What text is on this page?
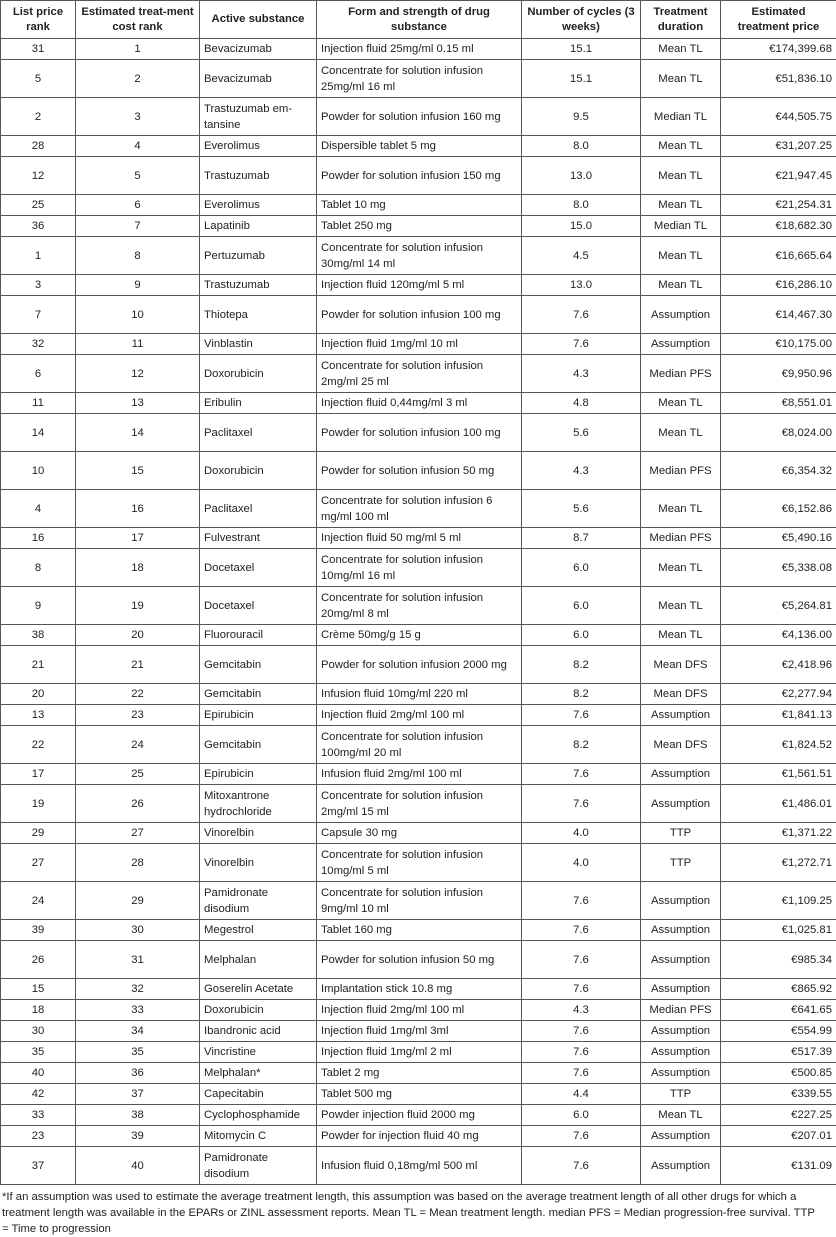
List price rank	Estimated treat-ment cost rank	Active substance	Form and strength of drug substance	Number of cycles (3 weeks)	Treatment duration	Estimated treatment price
31	1	Bevacizumab	Injection fluid 25mg/ml 0.15 ml	15.1	Mean TL	€174,399.68
5	2	Bevacizumab	Concentrate for solution infusion 25mg/ml 16 ml	15.1	Mean TL	€51,836.10
2	3	Trastuzumab em-tansine	Powder for solution infusion 160 mg	9.5	Median TL	€44,505.75
28	4	Everolimus	Dispersible tablet 5 mg	8.0	Mean TL	€31,207.25
12	5	Trastuzumab	Powder for solution infusion 150 mg	13.0	Mean TL	€21,947.45
25	6	Everolimus	Tablet 10 mg	8.0	Mean TL	€21,254.31
36	7	Lapatinib	Tablet 250 mg	15.0	Median TL	€18,682.30
1	8	Pertuzumab	Concentrate for solution infusion 30mg/ml 14 ml	4.5	Mean TL	€16,665.64
3	9	Trastuzumab	Injection fluid 120mg/ml 5 ml	13.0	Mean TL	€16,286.10
7	10	Thiotepa	Powder for solution infusion 100 mg	7.6	Assumption	€14,467.30
32	11	Vinblastin	Injection fluid 1mg/ml 10 ml	7.6	Assumption	€10,175.00
6	12	Doxorubicin	Concentrate for solution infusion 2mg/ml 25 ml	4.3	Median PFS	€9,950.96
11	13	Eribulin	Injection fluid 0,44mg/ml 3 ml	4.8	Mean TL	€8,551.01
14	14	Paclitaxel	Powder for solution infusion 100 mg	5.6	Mean TL	€8,024.00
10	15	Doxorubicin	Powder for solution infusion 50 mg	4.3	Median PFS	€6,354.32
4	16	Paclitaxel	Concentrate for solution infusion 6 mg/ml 100 ml	5.6	Mean TL	€6,152.86
16	17	Fulvestrant	Injection fluid 50 mg/ml 5 ml	8.7	Median PFS	€5,490.16
8	18	Docetaxel	Concentrate for solution infusion 10mg/ml 16 ml	6.0	Mean TL	€5,338.08
9	19	Docetaxel	Concentrate for solution infusion 20mg/ml 8 ml	6.0	Mean TL	€5,264.81
38	20	Fluorouracil	Crème 50mg/g 15 g	6.0	Mean TL	€4,136.00
21	21	Gemcitabin	Powder for solution infusion 2000 mg	8.2	Mean DFS	€2,418.96
20	22	Gemcitabin	Infusion fluid 10mg/ml 220 ml	8.2	Mean DFS	€2,277.94
13	23	Epirubicin	Injection fluid 2mg/ml 100 ml	7.6	Assumption	€1,841.13
22	24	Gemcitabin	Concentrate for solution infusion 100mg/ml 20 ml	8.2	Mean DFS	€1,824.52
17	25	Epirubicin	Infusion fluid 2mg/ml 100 ml	7.6	Assumption	€1,561.51
19	26	Mitoxantrone hydrochloride	Concentrate for solution infusion 2mg/ml 15 ml	7.6	Assumption	€1,486.01
29	27	Vinorelbin	Capsule 30 mg	4.0	TTP	€1,371.22
27	28	Vinorelbin	Concentrate for solution infusion 10mg/ml 5 ml	4.0	TTP	€1,272.71
24	29	Pamidronate disodium	Concentrate for solution infusion 9mg/ml 10 ml	7.6	Assumption	€1,109.25
39	30	Megestrol	Tablet 160 mg	7.6	Assumption	€1,025.81
26	31	Melphalan	Powder for solution infusion 50 mg	7.6	Assumption	€985.34
15	32	Goserelin Acetate	Implantation stick 10.8 mg	7.6	Assumption	€865.92
18	33	Doxorubicin	Injection fluid 2mg/ml 100 ml	4.3	Median PFS	€641.65
30	34	Ibandronic acid	Injection fluid 1mg/ml 3ml	7.6	Assumption	€554.99
35	35	Vincristine	Injection fluid 1mg/ml 2 ml	7.6	Assumption	€517.39
40	36	Melphalan*	Tablet 2 mg	7.6	Assumption	€500.85
42	37	Capecitabin	Tablet 500 mg	4.4	TTP	€339.55
33	38	Cyclophosphamide	Powder injection fluid 2000 mg	6.0	Mean TL	€227.25
23	39	Mitomycin C	Powder for injection fluid 40 mg	7.6	Assumption	€207.01
37	40	Pamidronate disodium	Infusion fluid 0,18mg/ml 500 ml	7.6	Assumption	€131.09
*If an assumption was used to estimate the average treatment length, this assumption was based on the average treatment length of all other drugs for which a treatment length was available in the EPARs or ZINL assessment reports. Mean TL = Mean treatment length. median PFS = Median progression-free survival. TTP = Time to progression
